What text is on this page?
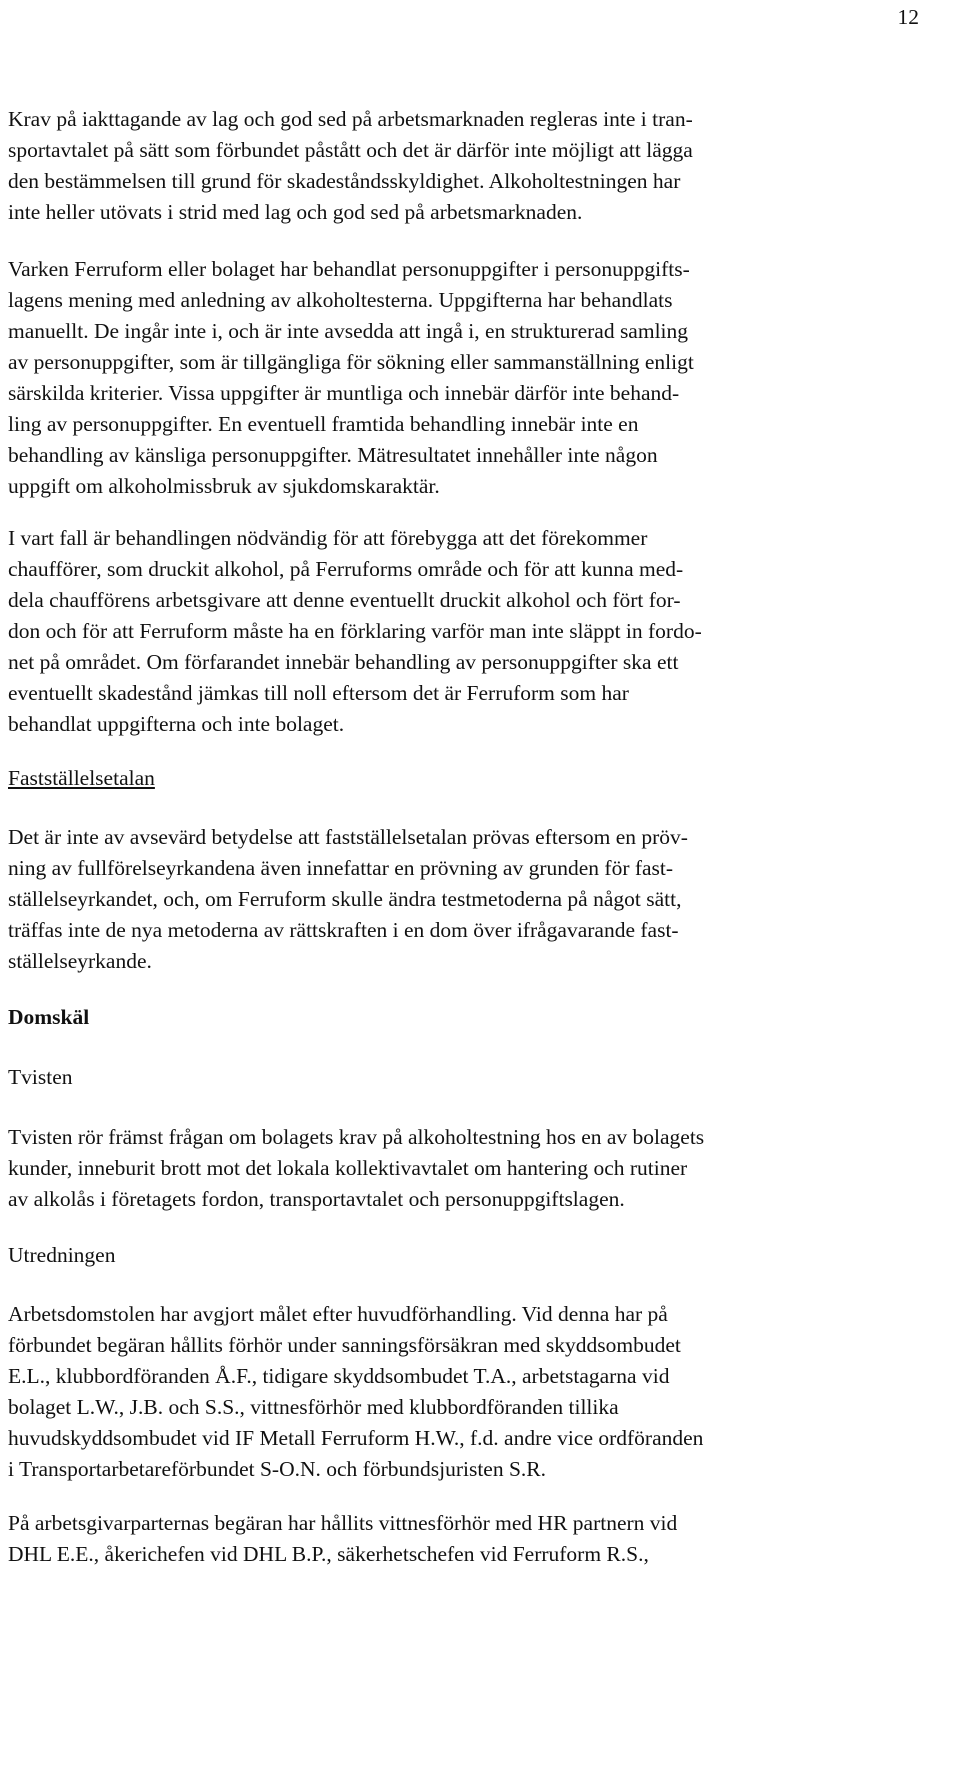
12
Krav på iakttagande av lag och god sed på arbetsmarknaden regleras inte i tran-
sportavtalet på sätt som förbundet påstått och det är därför inte möjligt att lägga
den bestämmelsen till grund för skadeståndsskyldighet. Alkoholtestningen har
inte heller utövats i strid med lag och god sed på arbetsmarknaden.
Varken Ferruform eller bolaget har behandlat personuppgifter i personuppgifts-
lagens mening med anledning av alkoholtesterna. Uppgifterna har behandlats
manuellt. De ingår inte i, och är inte avsedda att ingå i, en strukturerad samling
av personuppgifter, som är tillgängliga för sökning eller sammanställning enligt
särskilda kriterier. Vissa uppgifter är muntliga och innebär därför inte behand-
ling av personuppgifter. En eventuell framtida behandling innebär inte en
behandling av känsliga personuppgifter. Mätresultatet innehåller inte någon
uppgift om alkoholmissbruk av sjukdomskaraktär.
I vart fall är behandlingen nödvändig för att förebygga att det förekommer
chaufförer, som druckit alkohol, på Ferruforms område och för att kunna med-
dela chaufförens arbetsgivare att denne eventuellt druckit alkohol och fört for-
don och för att Ferruform måste ha en förklaring varför man inte släppt in fordo-
net på området. Om förfarandet innebär behandling av personuppgifter ska ett
eventuellt skadestånd jämkas till noll eftersom det är Ferruform som har
behandlat uppgifterna och inte bolaget.
Fastställelsetalan
Det är inte av avsevärd betydelse att fastställelsetalan prövas eftersom en pröv-
ning av fullförelseyrkandena även innefattar en prövning av grunden för fast-
ställelseyrkandet, och, om Ferruform skulle ändra testmetoderna på något sätt,
träffas inte de nya metoderna av rättskraften i en dom över ifrågavarande fast-
ställelseyrkande.
Domskäl
Tvisten
Tvisten rör främst frågan om bolagets krav på alkoholtestning hos en av bolagets
kunder, inneburit brott mot det lokala kollektivavtalet om hantering och rutiner
av alkolås i företagets fordon, transportavtalet och personuppgiftslagen.
Utredningen
Arbetsdomstolen har avgjort målet efter huvudförhandling. Vid denna har på
förbundet begäran hållits förhör under sanningsförsäkran med skyddsombudet
E.L., klubbordföranden Å.F., tidigare skyddsombudet T.A., arbetstagarna vid
bolaget L.W., J.B. och S.S., vittnesförhör med klubbordföranden tillika
huvudskyddsombudet vid IF Metall Ferruform H.W., f.d. andre vice ordföranden
i Transportarbetareförbundet S-O.N. och förbundsjuristen S.R.
På arbetsgivarparternas begäran har hållits vittnesförhör med HR partnern vid
DHL E.E., åkerichefen vid DHL B.P., säkerhetschefen vid Ferruform R.S.,
